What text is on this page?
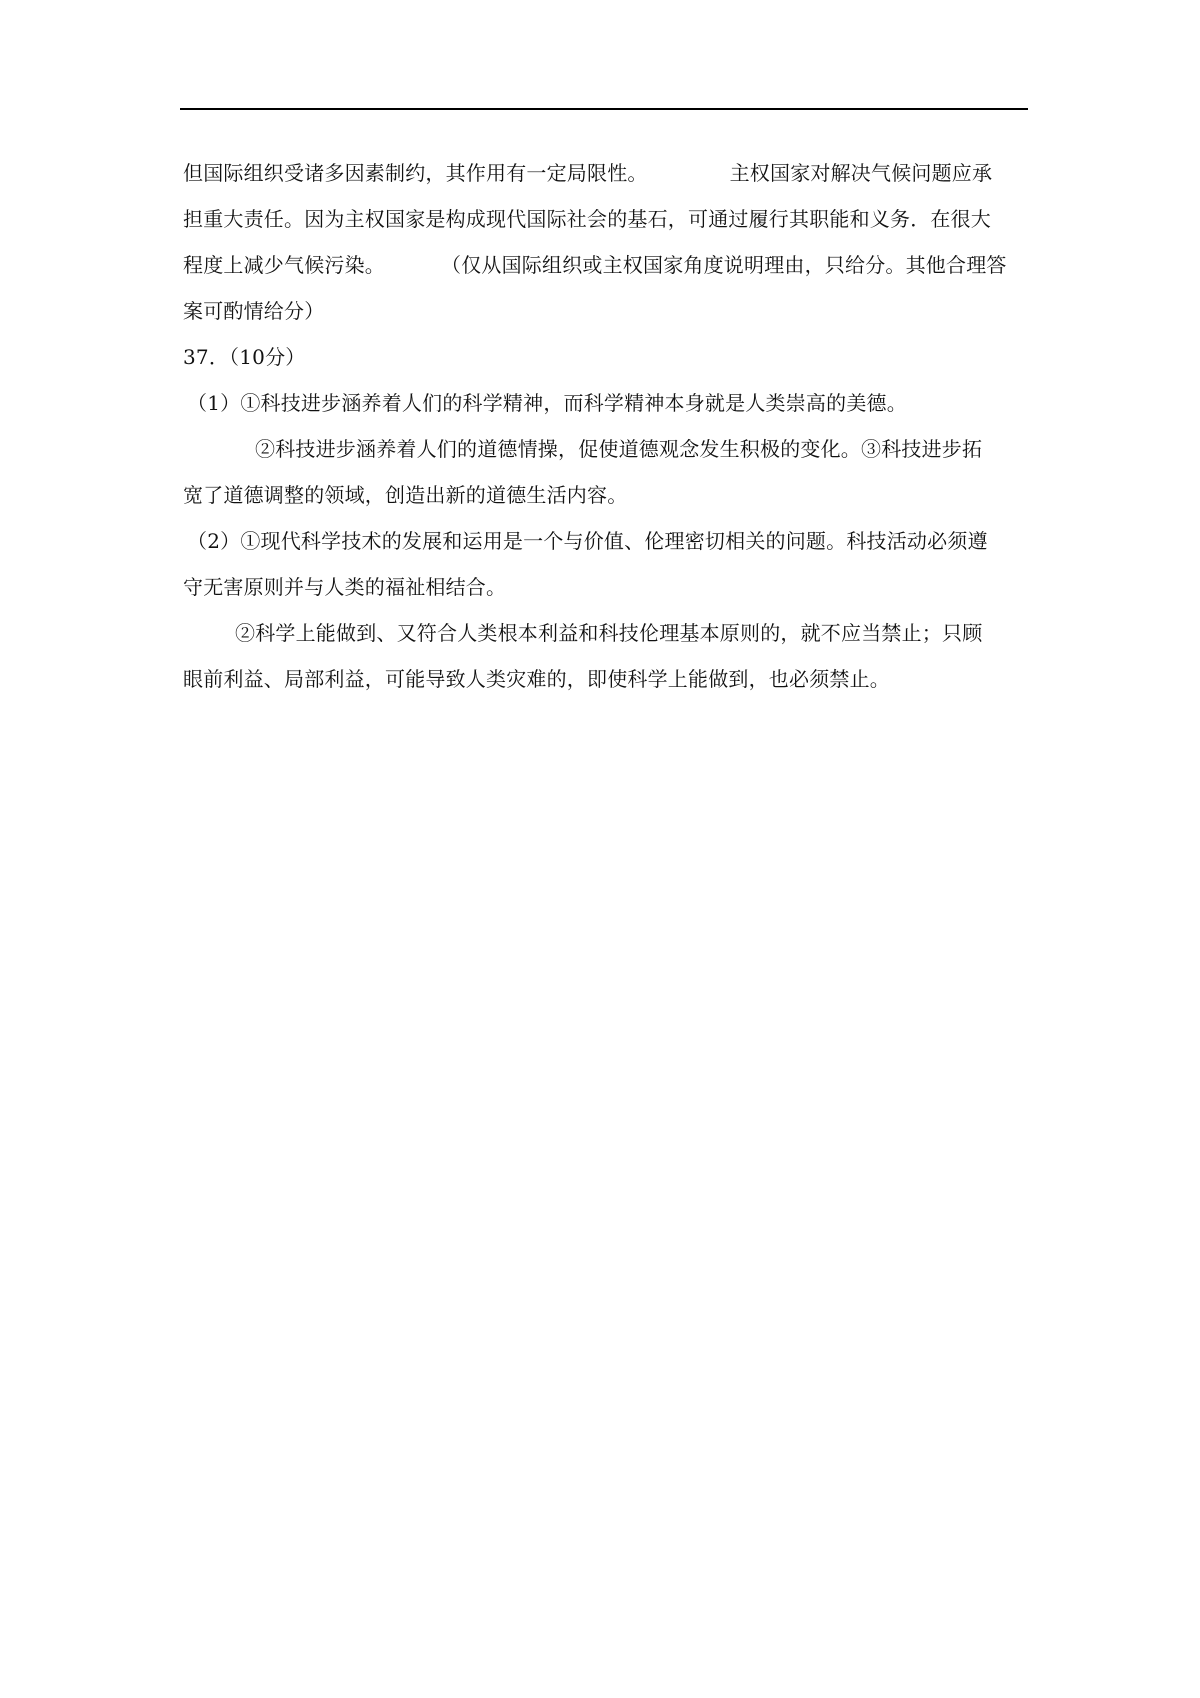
但国际组织受诸多因素制约，其作用有一定局限性。	主权国家对解决气候问题应承
担重大责任。因为主权国家是构成现代国际社会的基石，可通过履行其职能和义务．在很大
程度上减少气候污染。	（仅从国际组织或主权国家角度说明理由，只给分。其他合理答
案可酌情给分）
37．（10分）
（1）①科技进步涵养着人们的科学精神，而科学精神本身就是人类崇高的美德。
②科技进步涵养着人们的道德情操，促使道德观念发生积极的变化。③科技进步拓
宽了道德调整的领域，创造出新的道德生活内容。
（2）①现代科学技术的发展和运用是一个与价值、伦理密切相关的问题。科技活动必须遵
守无害原则并与人类的福祉相结合。
②科学上能做到、又符合人类根本利益和科技伦理基本原则的，就不应当禁止；只顾
眼前利益、局部利益，可能导致人类灾难的，即使科学上能做到，也必须禁止。
